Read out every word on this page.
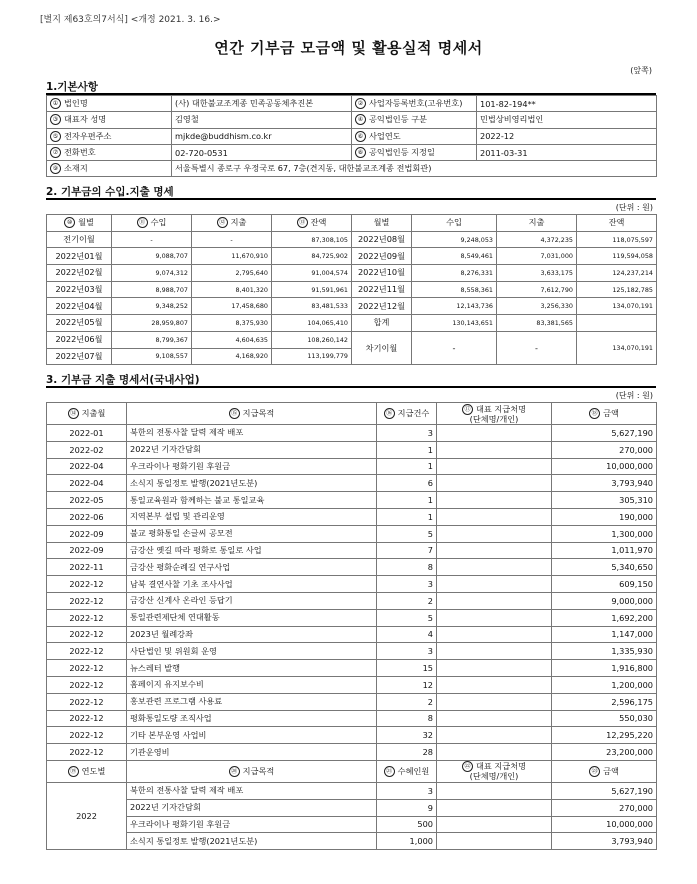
[별지 제63호의7서식] <개정 2021. 3. 16.>
연간 기부금 모금액 및 활용실적 명세서
(앞쪽)
1.기본사항
① 법인명	(사) 대한불교조계종 민족공동체추진본	② 사업자등록번호(고유번호)	101-82-194**
③ 대표자 성명	김영철	④ 공익법인등 구분	민법상비영리법인
⑤ 전자우편주소	mjkde@buddhism.co.kr	⑥ 사업연도	2022-12
⑦ 전화번호	02-720-0531	⑧ 공익법인등 지정일	2011-03-31
⑨ 소재지	서울특별시 종로구 우정국로 67, 7층(견지동, 대한불교조계종 전법회관)		
2. 기부금의 수입.지출 명세
(단위 : 원)
⑩ 월별	⑪ 수입	⑫ 지출	⑬ 잔액	월별	수입	지출	잔액
전기이월	-	-	87,308,105	2022년08월	9,248,053	4,372,235	118,075,597
2022년01월	9,088,707	11,670,910	84,725,902	2022년09월	8,549,461	7,031,000	119,594,058
2022년02월	9,074,312	2,795,640	91,004,574	2022년10월	8,276,331	3,633,175	124,237,214
2022년03월	8,988,707	8,401,320	91,591,961	2022년11월	8,558,361	7,612,790	125,182,785
2022년04월	9,348,252	17,458,680	83,481,533	2022년12월	12,143,736	3,256,330	134,070,191
2022년05월	28,959,807	8,375,930	104,065,410	합계	130,143,651	83,381,565	
2022년06월	8,799,367	4,604,635	108,260,142	차기이월	-	-	134,070,191
2022년07월	9,108,557	4,168,920	113,199,779				
3. 기부금 지출 명세서(국내사업)
(단위 : 원)
⑭ 지출월	⑮ 지급목적	⑯ 지급건수	⑰ 대표 지급처명
(단체명/개인)	⑱ 금액
2022-01	북한의 전통사찰 달력 제작 배포	3		5,627,190
2022-02	2022년 기자간담회	1		270,000
2022-04	우크라이나 평화기원 후원금	1		10,000,000
2022-04	소식지 통일정토 발행(2021년도분)	6		3,793,940
2022-05	통일교육원과 함께하는 불교 통일교육	1		305,310
2022-06	지역본부 설립 및 관리운영	1		190,000
2022-09	불교 평화통일 손글씨 공모전	5		1,300,000
2022-09	금강산 옛길 따라 평화로 통일로 사업	7		1,011,970
2022-11	금강산 평화순례길 연구사업	8		5,340,650
2022-12	남북 결연사찰 기초 조사사업	3		609,150
2022-12	금강산 신계사 온라인 등답기	2		9,000,000
2022-12	통일관련제단체 연대활동	5		1,692,200
2022-12	2023년 월례강좌	4		1,147,000
2022-12	사단법인 및 위원회 운영	3		1,335,930
2022-12	뉴스레터 발행	15		1,916,800
2022-12	홈페이지 유지보수비	12		1,200,000
2022-12	홍보관련 프로그램 사용료	2		2,596,175
2022-12	평화통일도량 조직사업	8		550,030
2022-12	기타 본부운영 사업비	32		12,295,220
2022-12	기관운영비	28		23,200,000
⑲ 연도별	⑳ 지급목적	㉑ 수혜인원	㉒ 대표 지급처명
(단체명/개인)	㉓ 금액
2022	북한의 전통사찰 달력 제작 배포	3		5,627,190
	2022년 기자간담회	9		270,000
	우크라이나 평화기원 후원금	500		10,000,000
	소식지 통일정토 발행(2021년도분)	1,000		3,793,940
